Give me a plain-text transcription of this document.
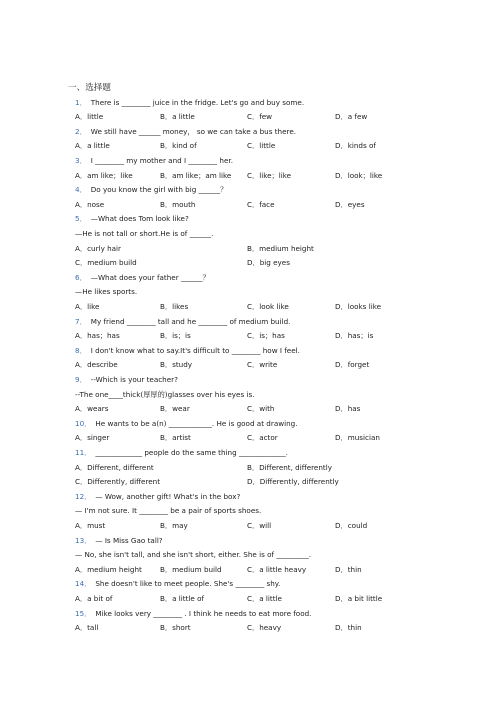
一、选择题
1． There is ________ juice in the fridge. Let's go and buy some.
A．little	B．a little	C．few	D．a few
2． We still have ______ money， so we can take a bus there.
A．a little	B．kind of	C．little	D．kinds of
3． I ________ my mother and I ________ her.
A．am like；like	B．am like；am like C．like；like	D．look；like
4． Do you know the girl with big ______？
A．nose	B．mouth	C．face	D．eyes
5． —What does Tom look like?
—He is not tall or short.He is of ______.
A．curly hair	B．medium height
C．medium build	D．big eyes
6． —What does your father ______？
—He likes sports.
A．like	B．likes	C．look like	D．looks like
7． My friend ________ tall and he ________ of medium build.
A．has；has	B．is；is	C．is；has	D．has；is
8． I don't know what to say.It's difficult to ________ how I feel.
A．describe	B．study	C．write	D．forget
9． --Which is your teacher?
--The one____thick(厚厚的)glasses over his eyes is.
A．wears	B．wear	C．with	D．has
10． He wants to be a(n) ____________. He is good at drawing.
A．singer	B．artist	C．actor	D．musician
11． _____________ people do the same thing _____________.
A．Different, different	B．Different, differently
C．Differently, different	D．Differently, differently
12． — Wow, another gift! What's in the box?
— I'm not sure. It ________ be a pair of sports shoes.
A．must	B．may	C．will	D．could
13． — Is Miss Gao tall?
— No, she isn't tall, and she isn't short, either. She is of _________.
A．medium height	B．medium build	C．a little heavy	D．thin
14． She doesn't like to meet people. She's ________ shy.
A．a bit of	B．a little of	C．a little	D．a bit little
15． Mike looks very ________ . I think he needs to eat more food.
A．tall	B．short	C．heavy	D．thin
